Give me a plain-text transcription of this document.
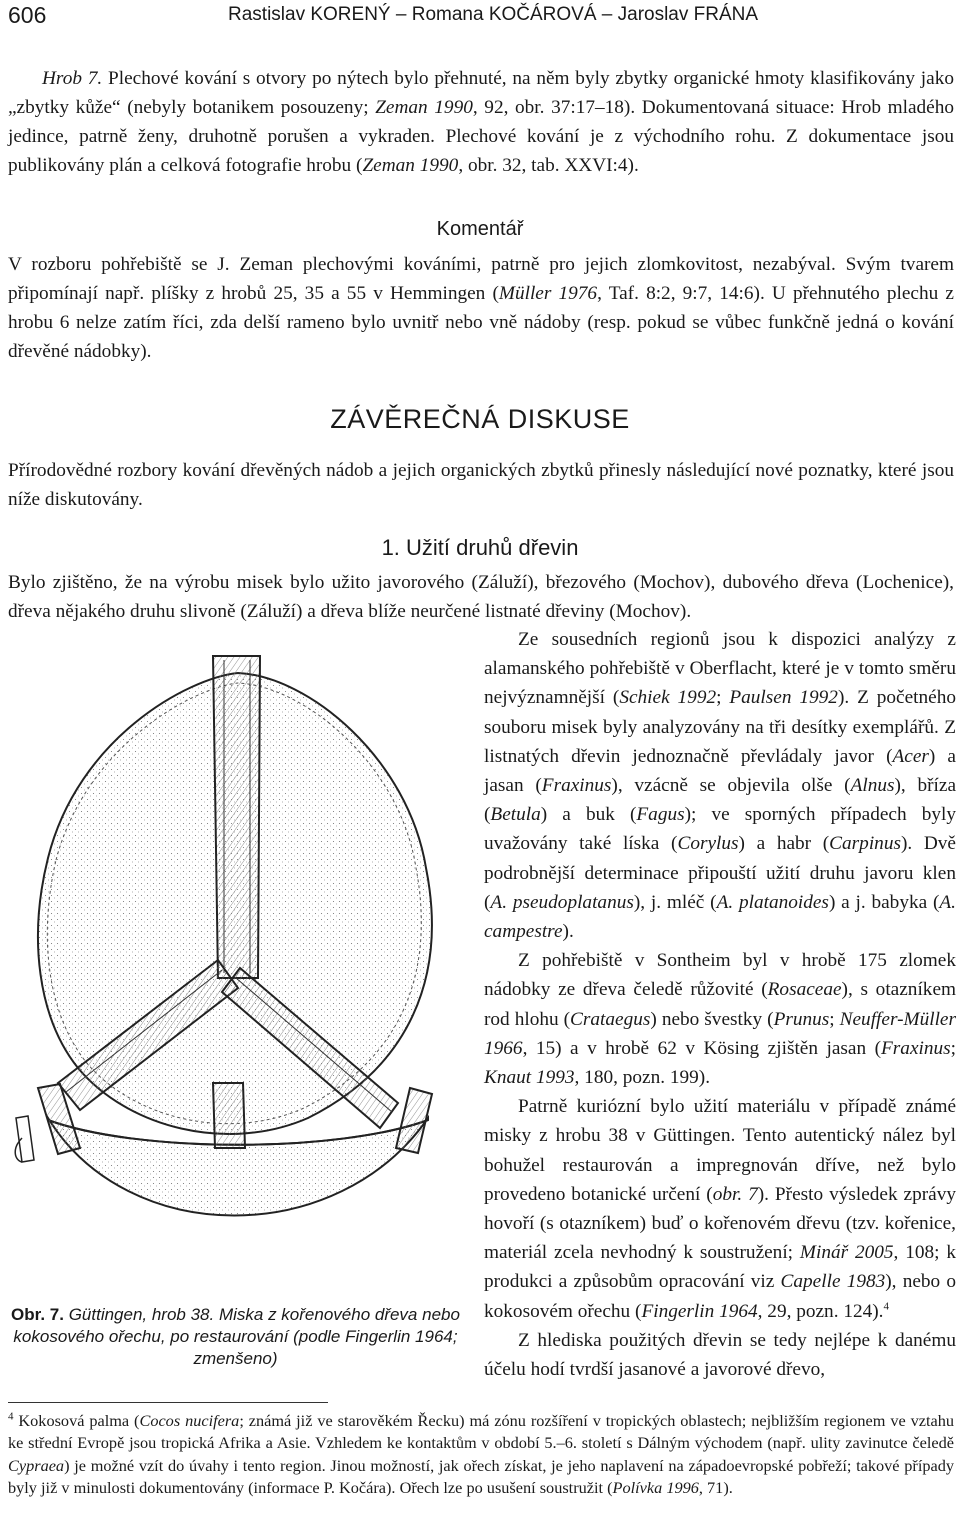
606	Rastislav KORENÝ – Romana KOČÁROVÁ – Jaroslav FRÁNA

Hrob 7. Plechové kování s otvory po nýtech bylo přehnuté, na něm byly zbytky organické hmoty klasifikovány jako „zbytky kůže“ (nebyly botanikem posouzeny; Zeman 1990, 92, obr. 37:17–18). Dokumentovaná situace: Hrob mladého jedince, patrně ženy, druhotně porušen a vykraden. Plechové kování je z východního rohu. Z dokumentace jsou publikovány plán a celková fotografie hrobu (Zeman 1990, obr. 32, tab. XXVI:4).

Komentář

V rozboru pohřebiště se J. Zeman plechovými kováními, patrně pro jejich zlomkovitost, nezabýval. Svým tvarem připomínají např. plíšky z hrobů 25, 35 a 55 v Hemmingen (Müller 1976, Taf. 8:2, 9:7, 14:6). U přehnutého plechu z hrobu 6 nelze zatím říci, zda delší rameno bylo uvnitř nebo vně nádoby (resp. pokud se vůbec funkčně jedná o kování dřevěné nádobky).

ZÁVĚREČNÁ DISKUSE

Přírodovědné rozbory kování dřevěných nádob a jejich organických zbytků přinesly následující nové poznatky, které jsou níže diskutovány.

1. Užití druhů dřevin

Bylo zjištěno, že na výrobu misek bylo užito javorového (Záluží), březového (Mochov), dubového dřeva (Lochenice), dřeva nějakého druhu slivoně (Záluží) a dřeva blíže neurčené listnaté dřeviny (Mochov).

Obr. 7. Güttingen, hrob 38. Miska z kořenového dřeva nebo kokosového ořechu, po restaurování (podle Fingerlin 1964; zmenšeno)

Ze sousedních regionů jsou k dispozici analýzy z alamanského pohřebiště v Oberflacht, které je v tomto směru nejvýznamnější (Schiek 1992; Paulsen 1992). Z početného souboru misek byly analyzovány na tři desítky exemplářů. Z listnatých dřevin jednoznačně převládaly javor (Acer) a jasan (Fraxinus), vzácně se objevila olše (Alnus), bříza (Betula) a buk (Fagus); ve sporných případech byly uvažovány také líska (Corylus) a habr (Carpinus). Dvě podrobnější determinace připouští užití druhu javoru klen (A. pseudoplatanus), j. mléč (A. platanoides) a j. babyka (A. campestre).

Z pohřebiště v Sontheim byl v hrobě 175 zlomek nádobky ze dřeva čeledě růžovité (Rosaceae), s otazníkem rod hlohu (Crataegus) nebo švestky (Prunus; Neuffer-Müller 1966, 15) a v hrobě 62 v Kösing zjištěn jasan (Fraxinus; Knaut 1993, 180, pozn. 199).

Patrně kuriózní bylo užití materiálu v případě známé misky z hrobu 38 v Güttingen. Tento autentický nález byl bohužel restaurován a impregnován dříve, než bylo provedeno botanické určení (obr. 7). Přesto výsledek zprávy hovoří (s otazníkem) buď o kořenovém dřevu (tzv. kořenice, materiál zcela nevhodný k soustružení; Minář 2005, 108; k produkci a způsobům opracování viz Capelle 1983), nebo o kokosovém ořechu (Fingerlin 1964, 29, pozn. 124).$^4$

Z hlediska použitých dřevin se tedy nejlépe k danému účelu hodí tvrdší jasanové a javorové dřevo,

$^4$ Kokosová palma (Cocos nucifera; známá již ve starověkém Řecku) má zónu rozšíření v tropických oblastech; nejbližším regionem ve vztahu ke střední Evropě jsou tropická Afrika a Asie. Vzhledem ke kontaktům v období 5.–6. století s Dálným východem (např. ulity zavinutce čeledě Cypraea) je možné vzít do úvahy i tento region. Jinou možností, jak ořech získat, je jeho naplavení na západoevropské pobřeží; takové případy byly již v minulosti dokumentovány (informace P. Kočára). Ořech lze po usušení soustružit (Polívka 1996, 71).
